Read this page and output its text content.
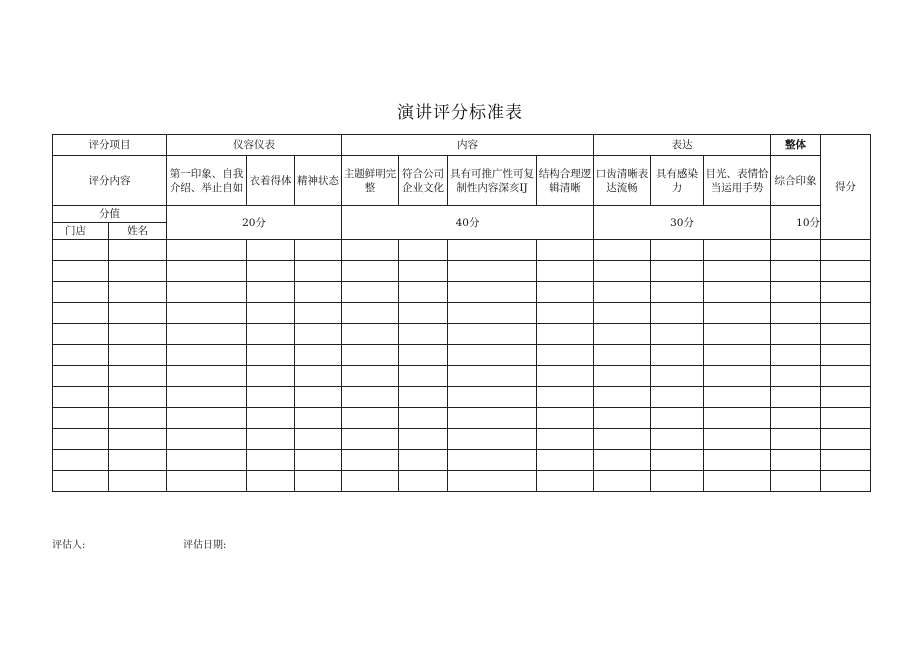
演讲评分标准表
评分项目		仪容仪表			内容				表达			整体	得分
评分内容		第一印象、自我介绍、举止自如	衣着得体	精神状态	主题鲜明完整	符合公司企业文化	具有可推广性可复制性内容深亥IJ	结构合理逻辑清晰	口齿清晰表达流畅	具有感染力	目光、表情恰当运用手势	综合印象	
分值		20分			40分				30分			10分	
门店	姓名												

评估人:	评估日期:
